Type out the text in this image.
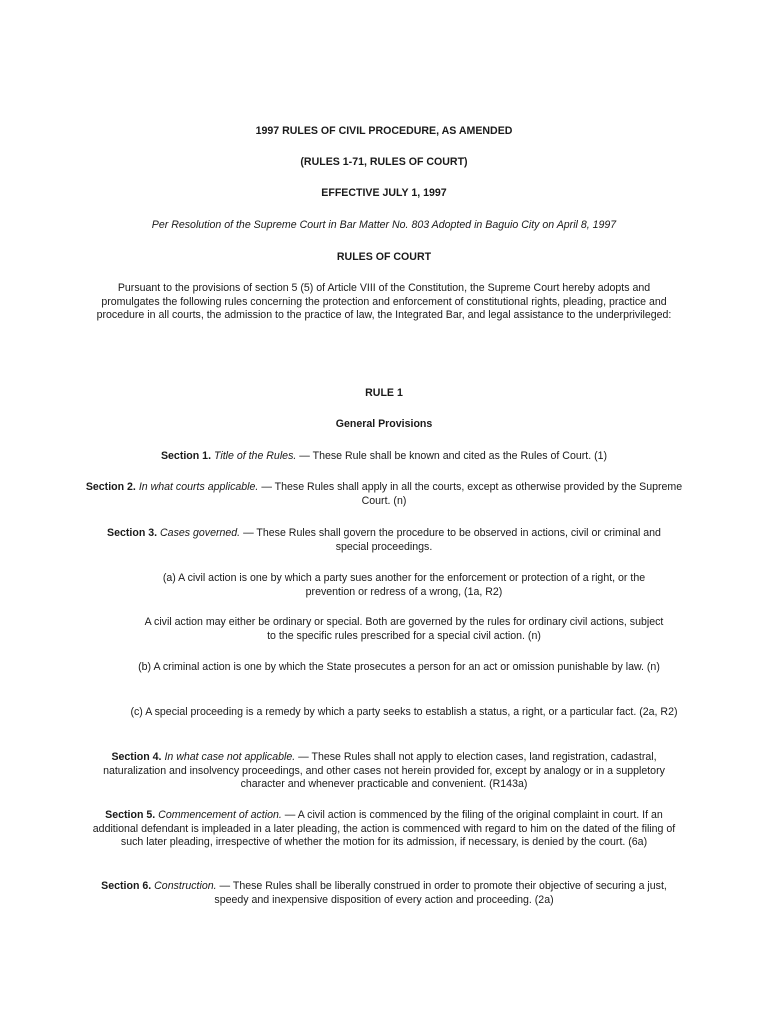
1997 RULES OF CIVIL PROCEDURE, AS AMENDED

(RULES 1-71, RULES OF COURT)

EFFECTIVE JULY 1, 1997

Per Resolution of the Supreme Court in Bar Matter No. 803 Adopted in Baguio City on April 8, 1997

RULES OF COURT

Pursuant to the provisions of section 5 (5) of Article VIII of the Constitution, the Supreme Court hereby adopts and promulgates the following rules concerning the protection and enforcement of constitutional rights, pleading, practice and procedure in all courts, the admission to the practice of law, the Integrated Bar, and legal assistance to the underprivileged:

RULE 1

General Provisions

Section 1. Title of the Rules. — These Rule shall be known and cited as the Rules of Court. (1)

Section 2. In what courts applicable. — These Rules shall apply in all the courts, except as otherwise provided by the Supreme Court. (n)

Section 3. Cases governed. — These Rules shall govern the procedure to be observed in actions, civil or criminal and special proceedings.

(a) A civil action is one by which a party sues another for the enforcement or protection of a right, or the prevention or redress of a wrong, (1a, R2)

A civil action may either be ordinary or special. Both are governed by the rules for ordinary civil actions, subject to the specific rules prescribed for a special civil action. (n)

(b) A criminal action is one by which the State prosecutes a person for an act or omission punishable by law. (n)

(c) A special proceeding is a remedy by which a party seeks to establish a status, a right, or a particular fact. (2a, R2)

Section 4. In what case not applicable. — These Rules shall not apply to election cases, land registration, cadastral, naturalization and insolvency proceedings, and other cases not herein provided for, except by analogy or in a suppletory character and whenever practicable and convenient. (R143a)

Section 5. Commencement of action. — A civil action is commenced by the filing of the original complaint in court. If an additional defendant is impleaded in a later pleading, the action is commenced with regard to him on the dated of the filing of such later pleading, irrespective of whether the motion for its admission, if necessary, is denied by the court. (6a)

Section 6. Construction. — These Rules shall be liberally construed in order to promote their objective of securing a just, speedy and inexpensive disposition of every action and proceeding. (2a)
